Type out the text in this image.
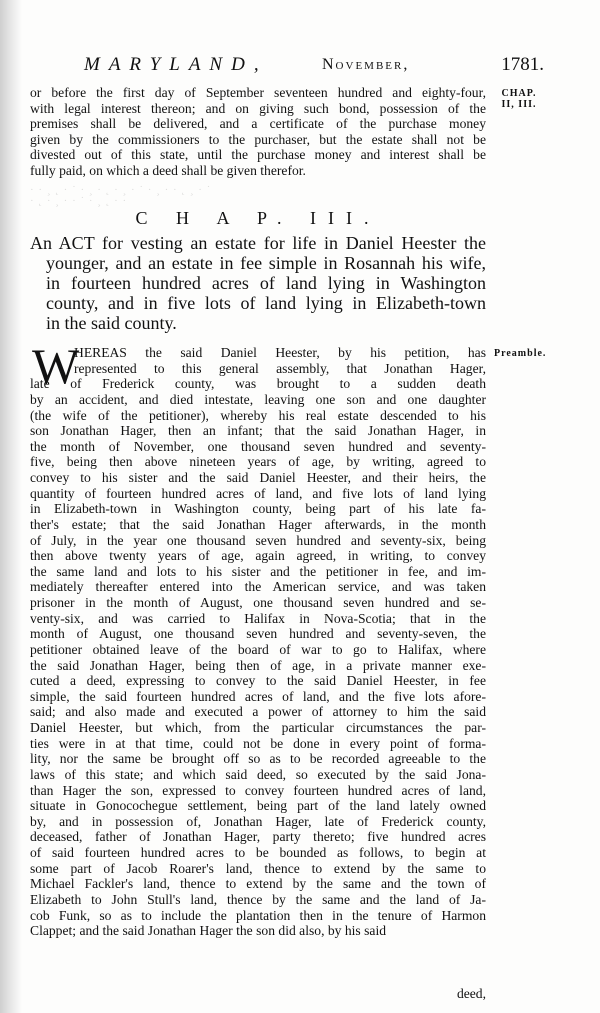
MARYLAND,	November,	1781.
CHAP. II, III.
or before the first day of September seventeen hundred and eighty-four,
with legal interest thereon; and on giving such bond, possession of the
premises shall be delivered, and a certificate of the purchase money
given by the commissioners to the purchaser, but the estate shall not be
divested out of this state, until the purchase money and interest shall be
fully paid, on which a deed shall be given therefor.
​· · ¸ ˛ · ˙ · ¸ · ˛ · ¸ · ˙ · ¸ · · ˛ ¸ · ˙
· ˛ · ¸ · · ˙ · ¸ ˛ · ·
C H A P. III.
An ACT for vesting an estate for life in Daniel Heester the
younger, and an estate in fee simple in Rosannah his wife,
in fourteen hundred acres of land lying in Washington
county, and in five lots of land lying in Elizabeth-town
in the said county.
Preamble.
W
HEREAS the said Daniel Heester, by his petition, has
represented to this general assembly, that Jonathan Hager,
late of Frederick county, was brought to a sudden death
by an accident, and died intestate, leaving one son and one daughter
(the wife of the petitioner), whereby his real estate descended to his
son Jonathan Hager, then an infant; that the said Jonathan Hager, in
the month of November, one thousand seven hundred and seventy-
five, being then above nineteen years of age, by writing, agreed to
convey to his sister and the said Daniel Heester, and their heirs, the
quantity of fourteen hundred acres of land, and five lots of land lying
in Elizabeth-town in Washington county, being part of his late fa-
ther's estate; that the said Jonathan Hager afterwards, in the month
of July, in the year one thousand seven hundred and seventy-six, being
then above twenty years of age, again agreed, in writing, to convey
the same land and lots to his sister and the petitioner in fee, and im-
mediately thereafter entered into the American service, and was taken
prisoner in the month of August, one thousand seven hundred and se-
venty-six, and was carried to Halifax in Nova-Scotia; that in the
month of August, one thousand seven hundred and seventy-seven, the
petitioner obtained leave of the board of war to go to Halifax, where
the said Jonathan Hager, being then of age, in a private manner exe-
cuted a deed, expressing to convey to the said Daniel Heester, in fee
simple, the said fourteen hundred acres of land, and the five lots afore-
said; and also made and executed a power of attorney to him the said
Daniel Heester, but which, from the particular circumstances the par-
ties were in at that time, could not be done in every point of forma-
lity, nor the same be brought off so as to be recorded agreeable to the
laws of this state; and which said deed, so executed by the said Jona-
than Hager the son, expressed to convey fourteen hundred acres of land,
situate in Gonocochegue settlement, being part of the land lately owned
by, and in possession of, Jonathan Hager, late of Frederick county,
deceased, father of Jonathan Hager, party thereto; five hundred acres
of said fourteen hundred acres to be bounded as follows, to begin at
some part of Jacob Roarer's land, thence to extend by the same to
Michael Fackler's land, thence to extend by the same and the town of
Elizabeth to John Stull's land, thence by the same and the land of Ja-
cob Funk, so as to include the plantation then in the tenure of Harmon
Clappet; and the said Jonathan Hager the son did also, by his said
deed,
